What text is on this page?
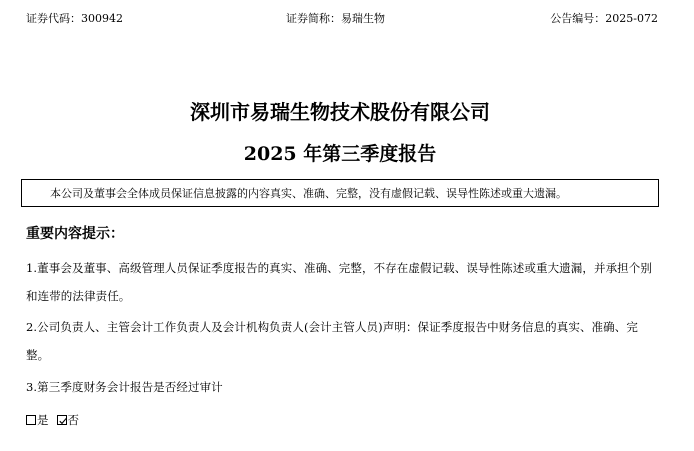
证券代码：300942	证券简称：易瑞生物	公告编号：2025-072
深圳市易瑞生物技术股份有限公司
2025 年第三季度报告
本公司及董事会全体成员保证信息披露的内容真实、准确、完整，没有虚假记载、误导性陈述或重大遗漏。
重要内容提示：
1.董事会及董事、高级管理人员保证季度报告的真实、准确、完整，不存在虚假记载、误导性陈述或重大遗漏，并承担个别和连带的法律责任。
2.公司负责人、主管会计工作负责人及会计机构负责人(会计主管人员)声明：保证季度报告中财务信息的真实、准确、完整。
3.第三季度财务会计报告是否经过审计
是 否
